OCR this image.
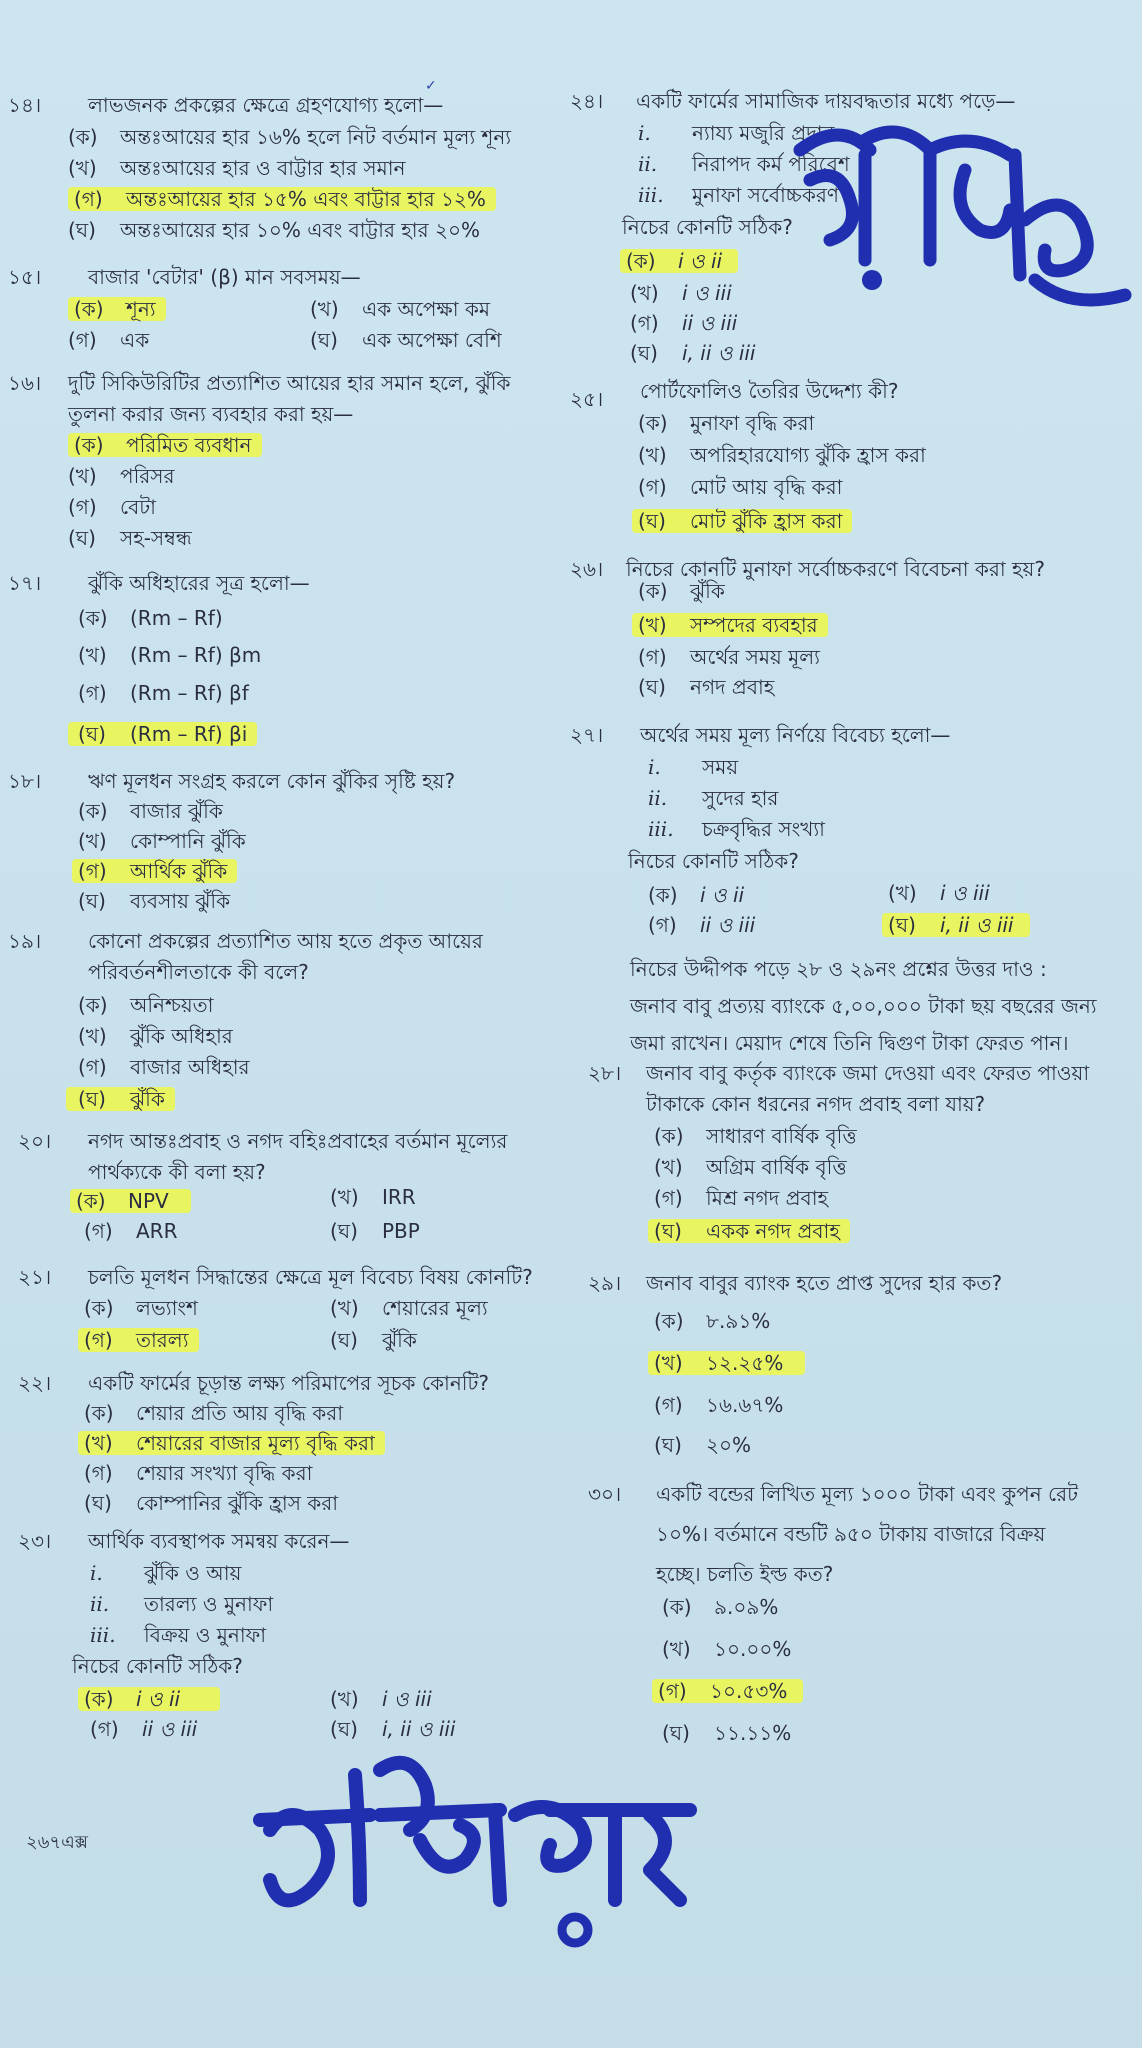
১৪। লাভজনক প্রকল্পের ক্ষেত্রে গ্রহণযোগ্য হলো—
✓
(ক) অন্তঃআয়ের হার ১৬% হলে নিট বর্তমান মূল্য শূন্য
(খ) অন্তঃআয়ের হার ও বাট্টার হার সমান
(গ) অন্তঃআয়ের হার ১৫% এবং বাট্টার হার ১২%
(ঘ) অন্তঃআয়ের হার ১০% এবং বাট্টার হার ২০%
১৫। বাজার 'বেটার' (β) মান সবসময়—
(ক) শূন্য	(খ) এক অপেক্ষা কম
(গ) এক	(ঘ) এক অপেক্ষা বেশি
১৬। দুটি সিকিউরিটির প্রত্যাশিত আয়ের হার সমান হলে, ঝুঁকি
তুলনা করার জন্য ব্যবহার করা হয়—
(ক) পরিমিত ব্যবধান
(খ) পরিসর
(গ) বেটা
(ঘ) সহ-সম্বন্ধ
১৭। ঝুঁকি অধিহারের সূত্র হলো—
(ক) (Rm – Rf)
(খ) (Rm – Rf) βm
(গ) (Rm – Rf) βf
(ঘ) (Rm – Rf) βi
১৮। ঋণ মূলধন সংগ্রহ করলে কোন ঝুঁকির সৃষ্টি হয়?
(ক) বাজার ঝুঁকি
(খ) কোম্পানি ঝুঁকি
(গ) আর্থিক ঝুঁকি
(ঘ) ব্যবসায় ঝুঁকি
১৯। কোনো প্রকল্পের প্রত্যাশিত আয় হতে প্রকৃত আয়ের
পরিবর্তনশীলতাকে কী বলে?
(ক) অনিশ্চয়তা
(খ) ঝুঁকি অধিহার
(গ) বাজার অধিহার
(ঘ) ঝুঁকি
২০। নগদ আন্তঃপ্রবাহ ও নগদ বহিঃপ্রবাহের বর্তমান মূল্যের
পার্থক্যকে কী বলা হয়?
(ক) NPV	(খ) IRR
(গ) ARR	(ঘ) PBP
২১। চলতি মূলধন সিদ্ধান্তের ক্ষেত্রে মূল বিবেচ্য বিষয় কোনটি?
(ক) লভ্যাংশ	(খ) শেয়ারের মূল্য
(গ) তারল্য	(ঘ) ঝুঁকি
২২। একটি ফার্মের চূড়ান্ত লক্ষ্য পরিমাপের সূচক কোনটি?
(ক) শেয়ার প্রতি আয় বৃদ্ধি করা
(খ) শেয়ারের বাজার মূল্য বৃদ্ধি করা
(গ) শেয়ার সংখ্যা বৃদ্ধি করা
(ঘ) কোম্পানির ঝুঁকি হ্রাস করা
২৩। আর্থিক ব্যবস্থাপক সমন্বয় করেন—
i. ঝুঁকি ও আয়
ii. তারল্য ও মুনাফা
iii. বিক্রয় ও মুনাফা
নিচের কোনটি সঠিক?
(ক) i ও ii	(খ) i ও iii
(গ) ii ও iii	(ঘ) i, ii ও iii
২৪। একটি ফার্মের সামাজিক দায়বদ্ধতার মধ্যে পড়ে—
i. ন্যায্য মজুরি প্রদান
ii. নিরাপদ কর্ম পরিবেশ
iii. মুনাফা সর্বোচ্চকরণ
নিচের কোনটি সঠিক?
(ক) i ও ii
(খ) i ও iii
(গ) ii ও iii
(ঘ) i, ii ও iii
২৫। পোর্টফোলিও তৈরির উদ্দেশ্য কী?
(ক) মুনাফা বৃদ্ধি করা
(খ) অপরিহারযোগ্য ঝুঁকি হ্রাস করা
(গ) মোট আয় বৃদ্ধি করা
(ঘ) মোট ঝুঁকি হ্রাস করা
২৬। নিচের কোনটি মুনাফা সর্বোচ্চকরণে বিবেচনা করা হয়?
(ক) ঝুঁকি
(খ) সম্পদের ব্যবহার
(গ) অর্থের সময় মূল্য
(ঘ) নগদ প্রবাহ
২৭। অর্থের সময় মূল্য নির্ণয়ে বিবেচ্য হলো—
i. সময়
ii. সুদের হার
iii. চক্রবৃদ্ধির সংখ্যা
নিচের কোনটি সঠিক?
(ক) i ও ii	(খ) i ও iii
(গ) ii ও iii	(ঘ) i, ii ও iii
নিচের উদ্দীপক পড়ে ২৮ ও ২৯নং প্রশ্নের উত্তর দাও :
জনাব বাবু প্রত্যয় ব্যাংকে ৫,০০,০০০ টাকা ছয় বছরের জন্য
জমা রাখেন। মেয়াদ শেষে তিনি দ্বিগুণ টাকা ফেরত পান।
২৮। জনাব বাবু কর্তৃক ব্যাংকে জমা দেওয়া এবং ফেরত পাওয়া
টাকাকে কোন ধরনের নগদ প্রবাহ বলা যায়?
(ক) সাধারণ বার্ষিক বৃত্তি
(খ) অগ্রিম বার্ষিক বৃত্তি
(গ) মিশ্র নগদ প্রবাহ
(ঘ) একক নগদ প্রবাহ
২৯। জনাব বাবুর ব্যাংক হতে প্রাপ্ত সুদের হার কত?
(ক) ৮.৯১%
(খ) ১২.২৫%
(গ) ১৬.৬৭%
(ঘ) ২০%
৩০। একটি বন্ডের লিখিত মূল্য ১০০০ টাকা এবং কুপন রেট
১০%। বর্তমানে বন্ডটি ৯৫০ টাকায় বাজারে বিক্রয়
হচ্ছে। চলতি ইল্ড কত?
(ক) ৯.০৯%
(খ) ১০.০০%
(গ) ১০.৫৩%
(ঘ) ১১.১১%
২৬৭এক্স
